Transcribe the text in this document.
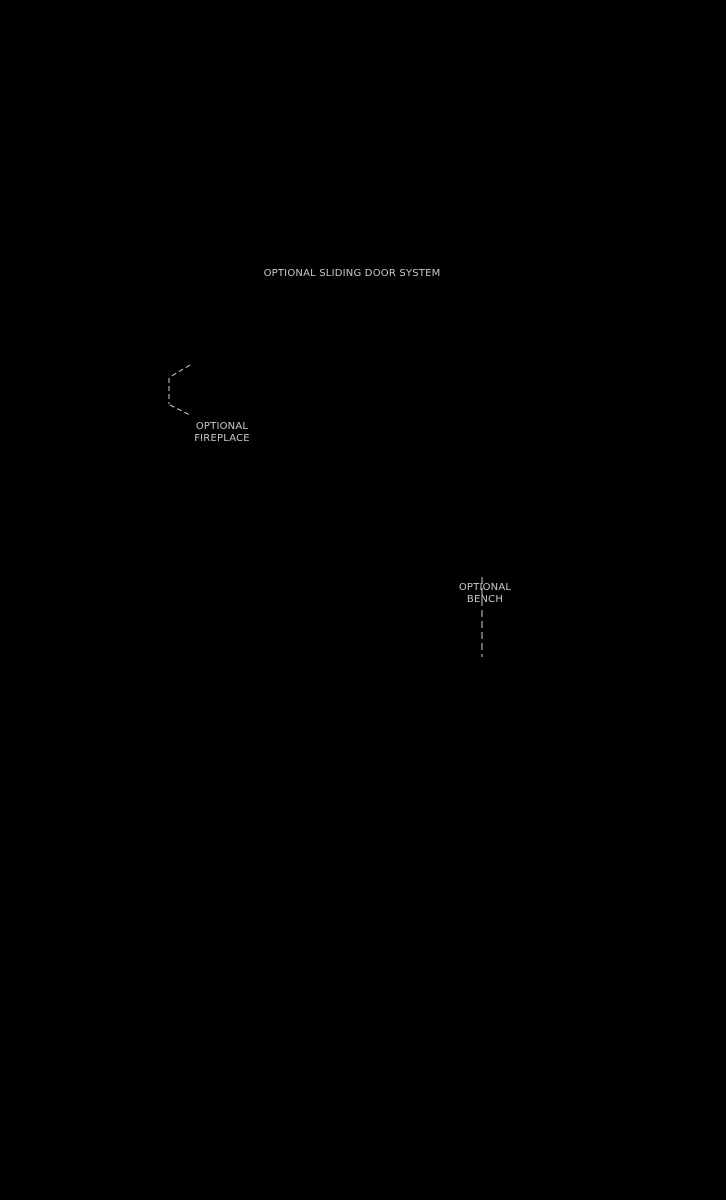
OPTIONAL SLIDING DOOR SYSTEM
OPTIONAL
FIREPLACE
OPTIONAL
BENCH
